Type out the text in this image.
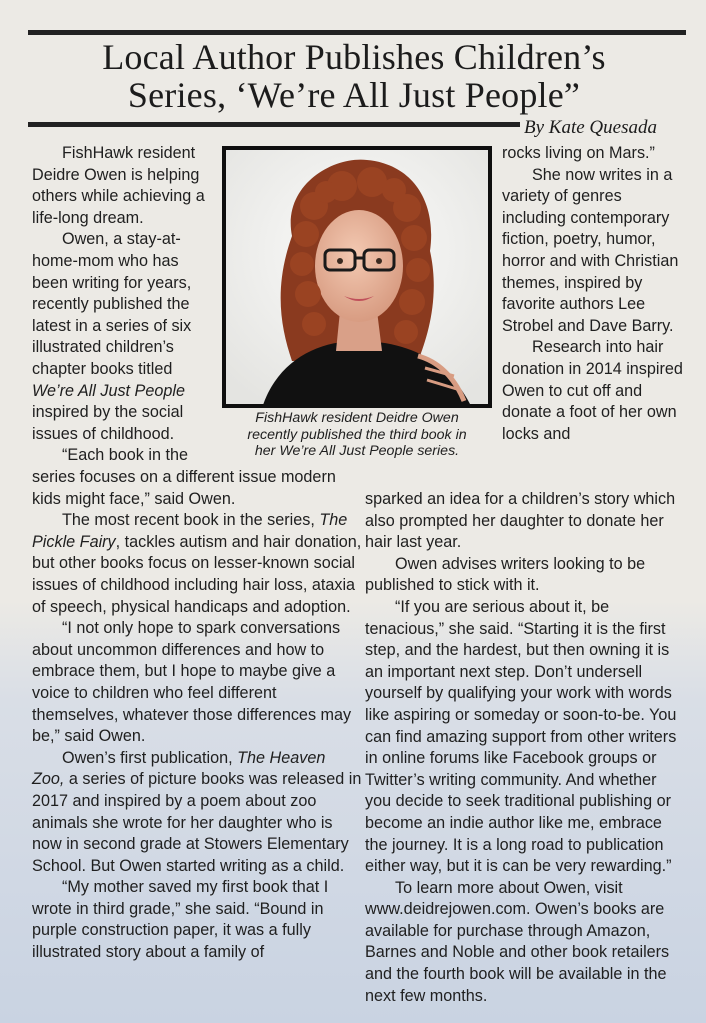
Local Author Publishes Children’s
Series, ‘We’re All Just People”
By Kate Quesada

FishHawk resident Deidre Owen is helping others while achieving a life-long dream.

Owen, a stay-at-home-mom who has been writing for years, recently published the latest in a series of six illustrated children’s chapter books titled We’re All Just People inspired by the social issues of childhood.

“Each book in the

FishHawk resident Deidre Owen
recently published the third book in
her We’re All Just People series.

rocks living on Mars.”

She now writes in a variety of genres including contemporary fiction, poetry, humor, horror and with Christian themes, inspired by favorite authors Lee Strobel and Dave Barry.

Research into hair donation in 2014 inspired Owen to cut off and donate a foot of her own locks and

series focuses on a different issue modern kids might face,” said Owen.

The most recent book in the series, The Pickle Fairy, tackles autism and hair donation, but other books focus on lesser-known social issues of childhood including hair loss, ataxia of speech, physical handicaps and adoption.

“I not only hope to spark conversations about uncommon differences and how to embrace them, but I hope to maybe give a voice to children who feel different themselves, whatever those differences may be,” said Owen.

Owen’s first publication, The Heaven Zoo, a series of picture books was released in 2017 and inspired by a poem about zoo animals she wrote for her daughter who is now in second grade at Stowers Elementary School. But Owen started writing as a child.

“My mother saved my first book that I wrote in third grade,” she said. “Bound in purple construction paper, it was a fully illustrated story about a family of

sparked an idea for a children’s story which also prompted her daughter to donate her hair last year.

Owen advises writers looking to be published to stick with it.

“If you are serious about it, be tenacious,” she said. “Starting it is the first step, and the hardest, but then owning it is an important next step. Don’t undersell yourself by qualifying your work with words like aspiring or someday or soon-to-be. You can find amazing support from other writers in online forums like Facebook groups or Twitter’s writing community. And whether you decide to seek traditional publishing or become an indie author like me, embrace the journey. It is a long road to publication either way, but it is can be very rewarding.”

To learn more about Owen, visit www.deidrejowen.com. Owen’s books are available for purchase through Amazon, Barnes and Noble and other book retailers and the fourth book will be available in the next few months.
